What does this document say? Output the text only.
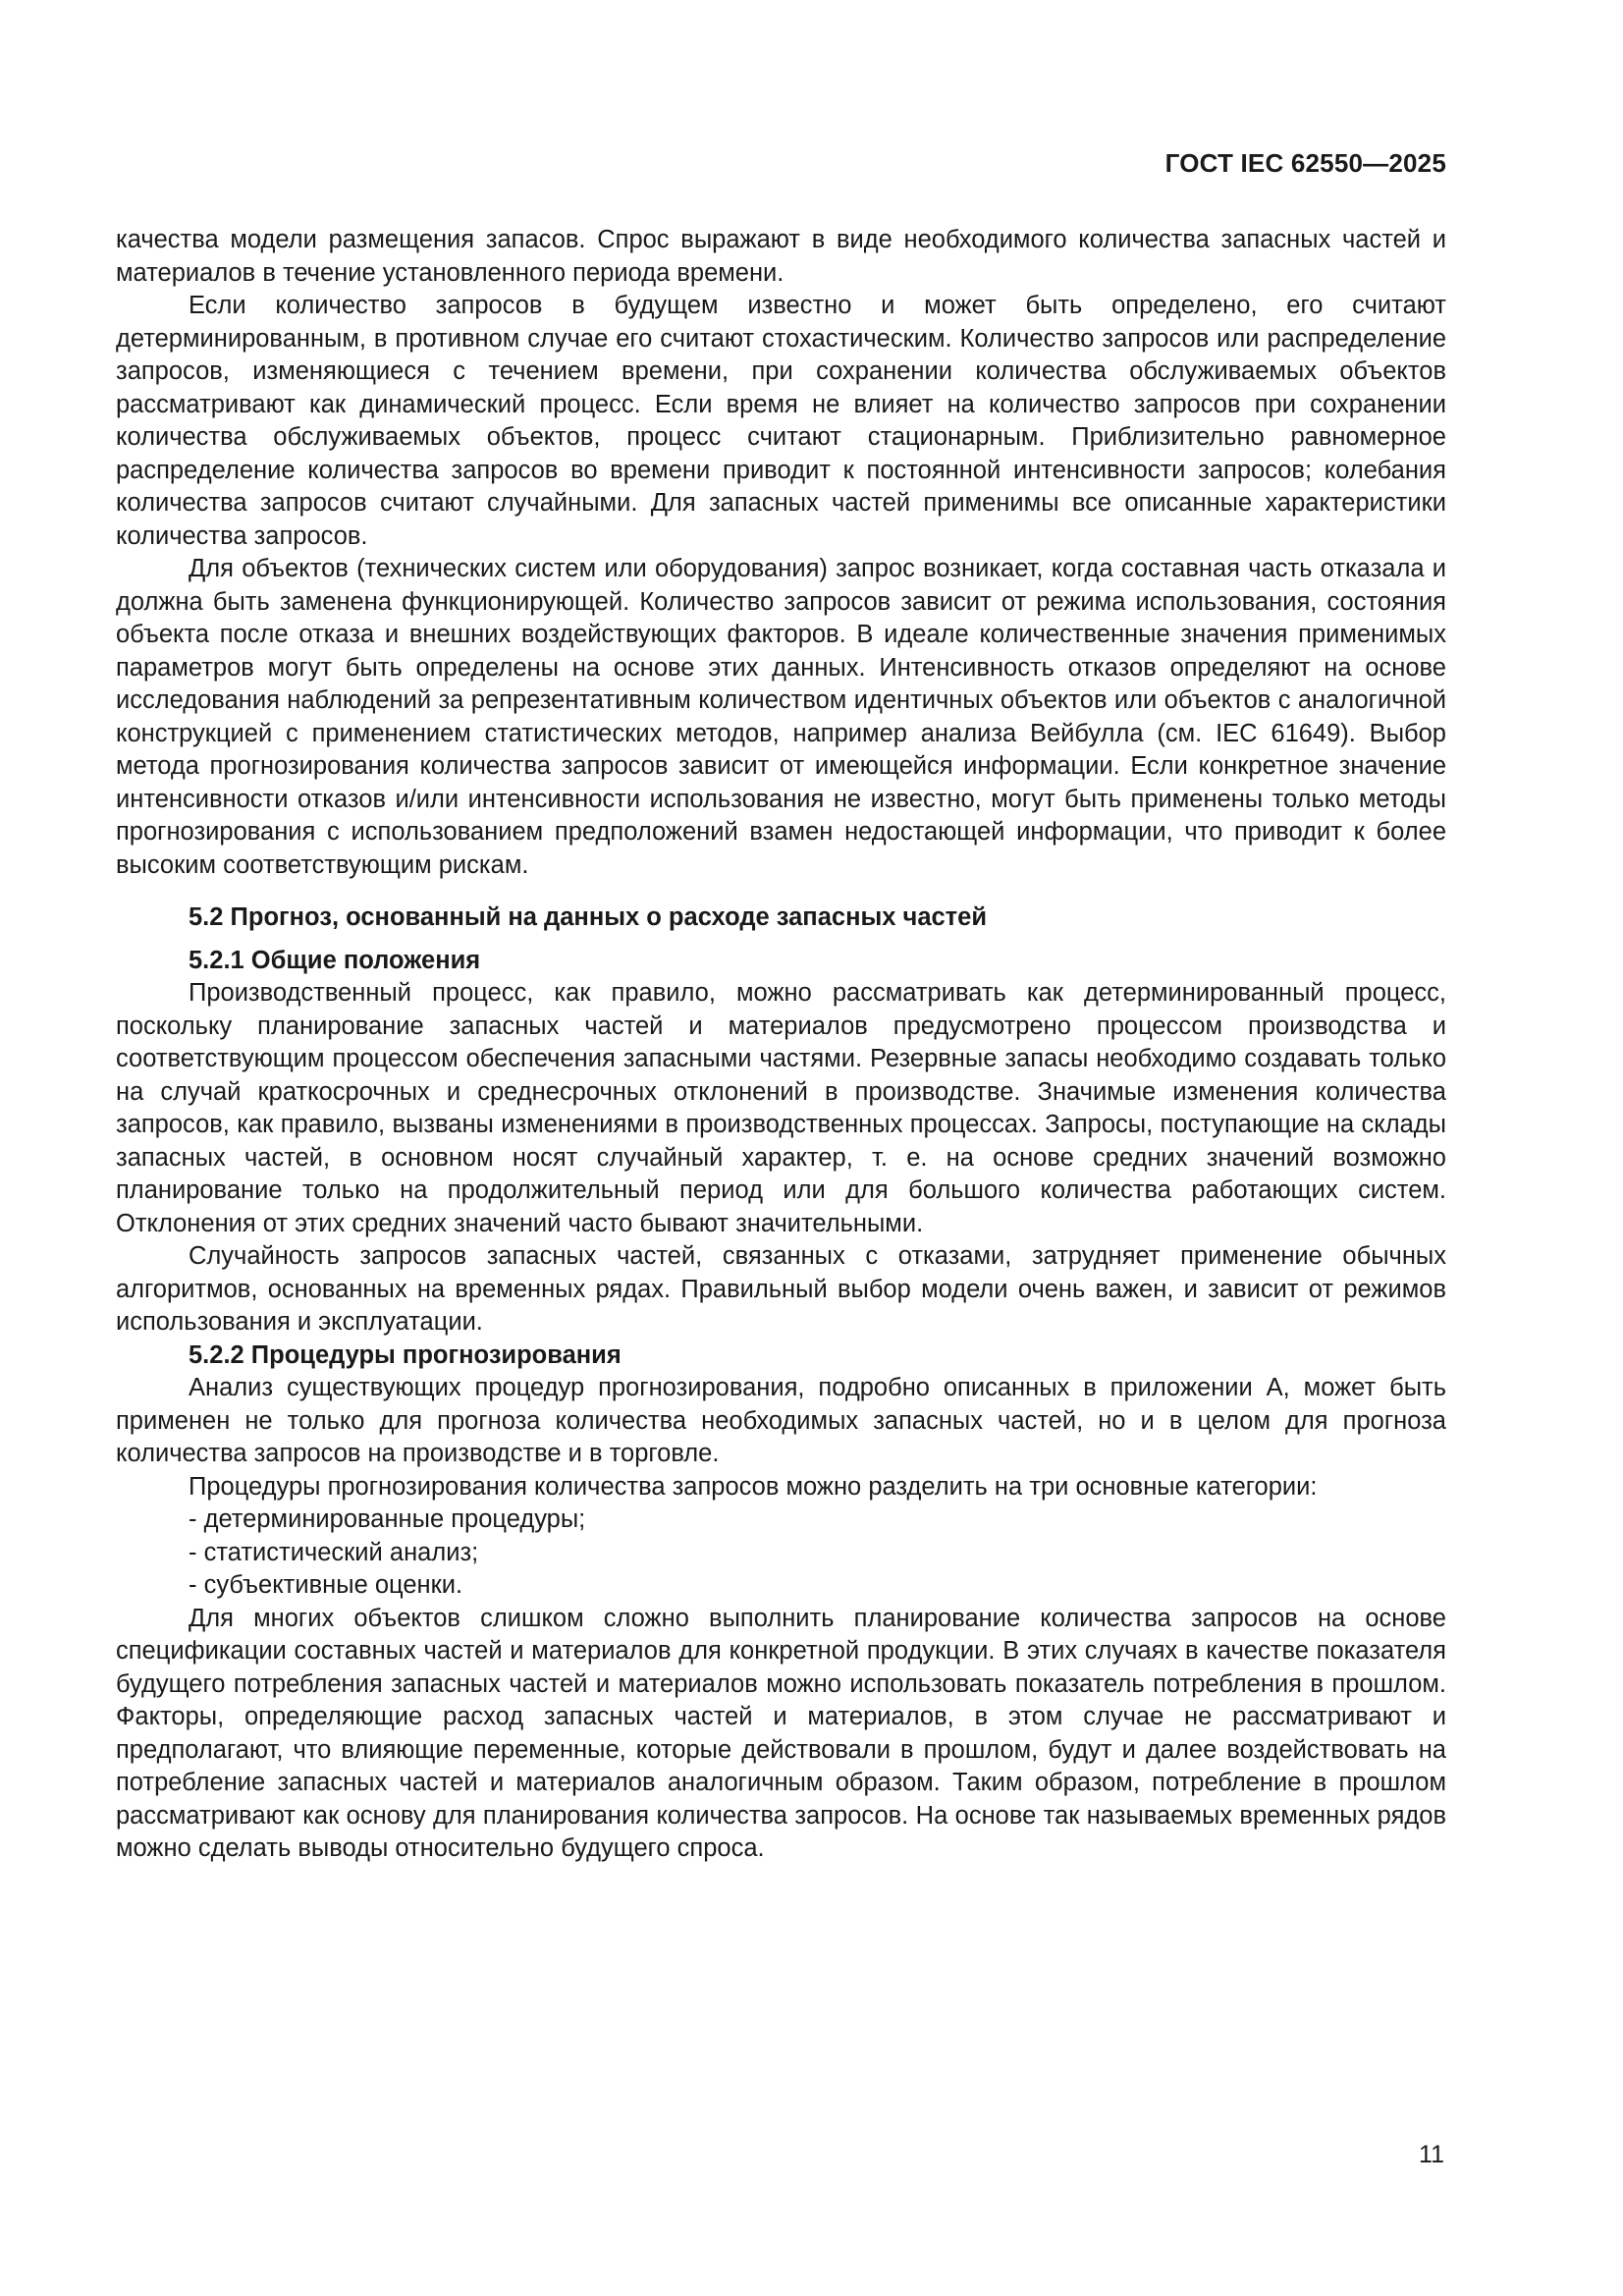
ГОСТ IEC 62550—2025

качества модели размещения запасов. Спрос выражают в виде необходимого количества запасных частей и материалов в течение установленного периода времени.

Если количество запросов в будущем известно и может быть определено, его считают детерминированным, в противном случае его считают стохастическим. Количество запросов или распределение запросов, изменяющиеся с течением времени, при сохранении количества обслуживаемых объектов рассматривают как динамический процесс. Если время не влияет на количество запросов при сохранении количества обслуживаемых объектов, процесс считают стационарным. Приблизительно равномерное распределение количества запросов во времени приводит к постоянной интенсивности запросов; колебания количества запросов считают случайными. Для запасных частей применимы все описанные характеристики количества запросов.

Для объектов (технических систем или оборудования) запрос возникает, когда составная часть отказала и должна быть заменена функционирующей. Количество запросов зависит от режима использования, состояния объекта после отказа и внешних воздействующих факторов. В идеале количественные значения применимых параметров могут быть определены на основе этих данных. Интенсивность отказов определяют на основе исследования наблюдений за репрезентативным количеством идентичных объектов или объектов с аналогичной конструкцией с применением статистических методов, например анализа Вейбулла (см. IEC 61649). Выбор метода прогнозирования количества запросов зависит от имеющейся информации. Если конкретное значение интенсивности отказов и/или интенсивности использования не известно, могут быть применены только методы прогнозирования с использованием предположений взамен недостающей информации, что приводит к более высоким соответствующим рискам.

5.2 Прогноз, основанный на данных о расходе запасных частей

5.2.1 Общие положения

Производственный процесс, как правило, можно рассматривать как детерминированный процесс, поскольку планирование запасных частей и материалов предусмотрено процессом производства и соответствующим процессом обеспечения запасными частями. Резервные запасы необходимо создавать только на случай краткосрочных и среднесрочных отклонений в производстве. Значимые изменения количества запросов, как правило, вызваны изменениями в производственных процессах. Запросы, поступающие на склады запасных частей, в основном носят случайный характер, т. е. на основе средних значений возможно планирование только на продолжительный период или для большого количества работающих систем. Отклонения от этих средних значений часто бывают значительными.

Случайность запросов запасных частей, связанных с отказами, затрудняет применение обычных алгоритмов, основанных на временных рядах. Правильный выбор модели очень важен, и зависит от режимов использования и эксплуатации.

5.2.2 Процедуры прогнозирования

Анализ существующих процедур прогнозирования, подробно описанных в приложении А, может быть применен не только для прогноза количества необходимых запасных частей, но и в целом для прогноза количества запросов на производстве и в торговле.

Процедуры прогнозирования количества запросов можно разделить на три основные категории:

- детерминированные процедуры;

- статистический анализ;

- субъективные оценки.

Для многих объектов слишком сложно выполнить планирование количества запросов на основе спецификации составных частей и материалов для конкретной продукции. В этих случаях в качестве показателя будущего потребления запасных частей и материалов можно использовать показатель потребления в прошлом. Факторы, определяющие расход запасных частей и материалов, в этом случае не рассматривают и предполагают, что влияющие переменные, которые действовали в прошлом, будут и далее воздействовать на потребление запасных частей и материалов аналогичным образом. Таким образом, потребление в прошлом рассматривают как основу для планирования количества запросов. На основе так называемых временных рядов можно сделать выводы относительно будущего спроса.

11
